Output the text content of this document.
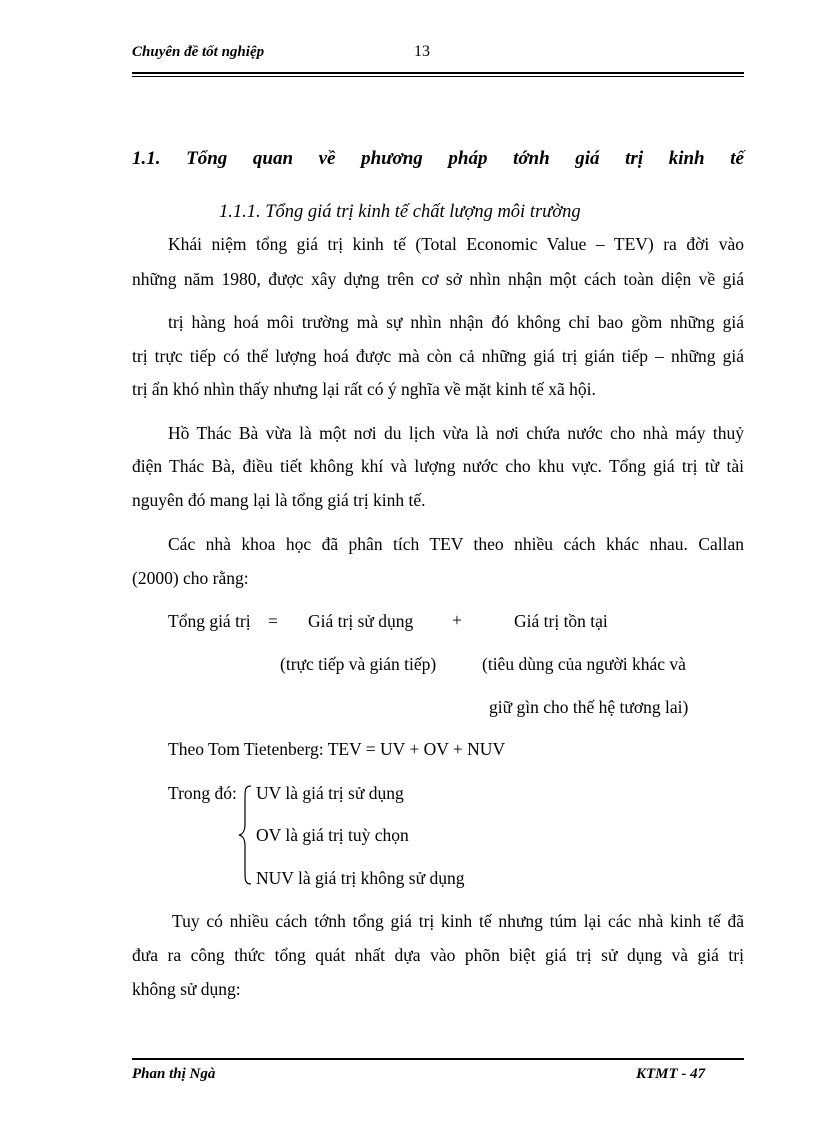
Chuyên đề tốt nghiệp	13
1.1. Tổng quan về phương pháp tớnh giá trị kinh tế
1.1.1. Tổng giá trị kinh tế chất lượng môi trường
Khái niệm tổng giá trị kinh tế (Total Economic Value – TEV) ra đời vào
những năm 1980, được xây dựng trên cơ sở nhìn nhận một cách toàn diện về giá
trị hàng hoá môi trường mà sự nhìn nhận đó không chỉ bao gồm những giá
trị trực tiếp có thể lượng hoá được mà còn cả những giá trị gián tiếp – những giá
trị ẩn khó nhìn thấy nhưng lại rất có ý nghĩa về mặt kinh tế xã hội.
Hồ Thác Bà vừa là một nơi du lịch vừa là nơi chứa nước cho nhà máy thuỷ
điện Thác Bà, điều tiết không khí và lượng nước cho khu vực. Tổng giá trị từ tài
nguyên đó mang lại là tổng giá trị kinh tế.
Các nhà khoa học đã phân tích TEV theo nhiều cách khác nhau. Callan
(2000) cho rằng:
Tổng giá trị = Giá trị sử dụng +	Giá trị tồn tại
(trực tiếp và gián tiếp)	(tiêu dùng của người khác và
giữ gìn cho thế hệ tương lai)
Theo Tom Tietenberg: TEV = UV + OV + NUV
Trong đó: UV là giá trị sử dụng
OV là giá trị tuỳ chọn
NUV là giá trị không sử dụng
Tuy có nhiều cách tớnh tổng giá trị kinh tế nhưng túm lại các nhà kinh tế đã
đưa ra công thức tổng quát nhất dựa vào phõn biệt giá trị sử dụng và giá trị
không sử dụng:
Phan thị Ngà	KTMT - 47
